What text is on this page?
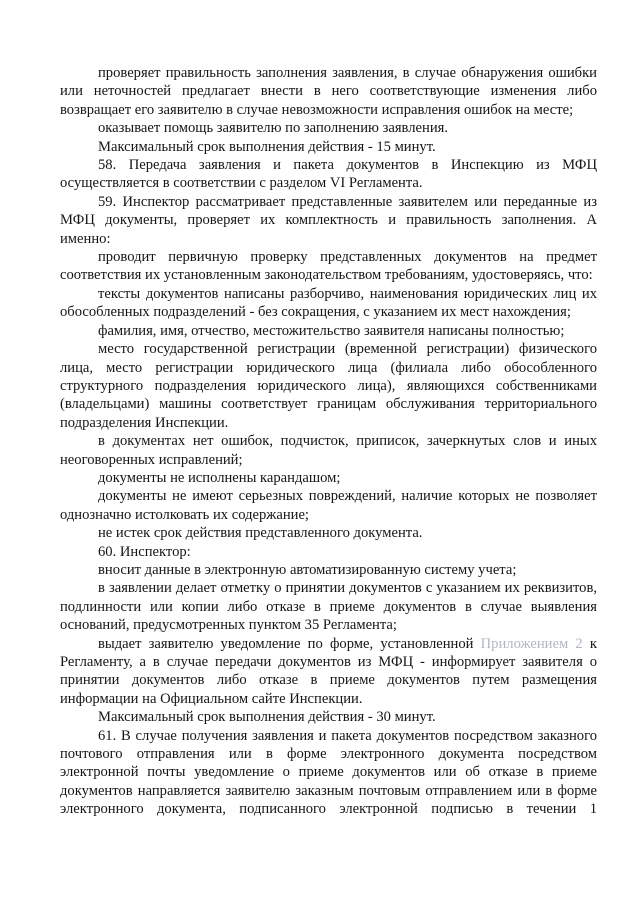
проверяет правильность заполнения заявления, в случае обнаружения ошибки или неточностей предлагает внести в него соответствующие изменения либо возвращает его заявителю в случае невозможности исправления ошибок на месте;

оказывает помощь заявителю по заполнению заявления.

Максимальный срок выполнения действия - 15 минут.

58. Передача заявления и пакета документов в Инспекцию из МФЦ осуществляется в соответствии с разделом VI Регламента.

59. Инспектор рассматривает представленные заявителем или переданные из МФЦ документы, проверяет их комплектность и правильность заполнения. А именно:

проводит первичную проверку представленных документов на предмет соответствия их установленным законодательством требованиям, удостоверяясь, что:

тексты документов написаны разборчиво, наименования юридических лиц их обособленных подразделений - без сокращения, с указанием их мест нахождения;

фамилия, имя, отчество, местожительство заявителя написаны полностью;

место государственной регистрации (временной регистрации) физического лица, место регистрации юридического лица (филиала либо обособленного структурного подразделения юридического лица), являющихся собственниками (владельцами) машины соответствует границам обслуживания территориального подразделения Инспекции.

в документах нет ошибок, подчисток, приписок, зачеркнутых слов и иных неоговоренных исправлений;

документы не исполнены карандашом;

документы не имеют серьезных повреждений, наличие которых не позволяет однозначно истолковать их содержание;

не истек срок действия представленного документа.

60. Инспектор:

вносит данные в электронную автоматизированную систему учета;

в заявлении делает отметку о принятии документов с указанием их реквизитов, подлинности или копии либо отказе в приеме документов в случае выявления оснований, предусмотренных пунктом 35 Регламента;

выдает заявителю уведомление по форме, установленной Приложением 2 к Регламенту, а в случае передачи документов из МФЦ - информирует заявителя о принятии документов либо отказе в приеме документов путем размещения информации на Официальном сайте Инспекции.

Максимальный срок выполнения действия - 30 минут.

61. В случае получения заявления и пакета документов посредством заказного почтового отправления или в форме электронного документа посредством электронной почты уведомление о приеме документов или об отказе в приеме документов направляется заявителю заказным почтовым отправлением или в форме электронного документа, подписанного электронной подписью в течении 1
